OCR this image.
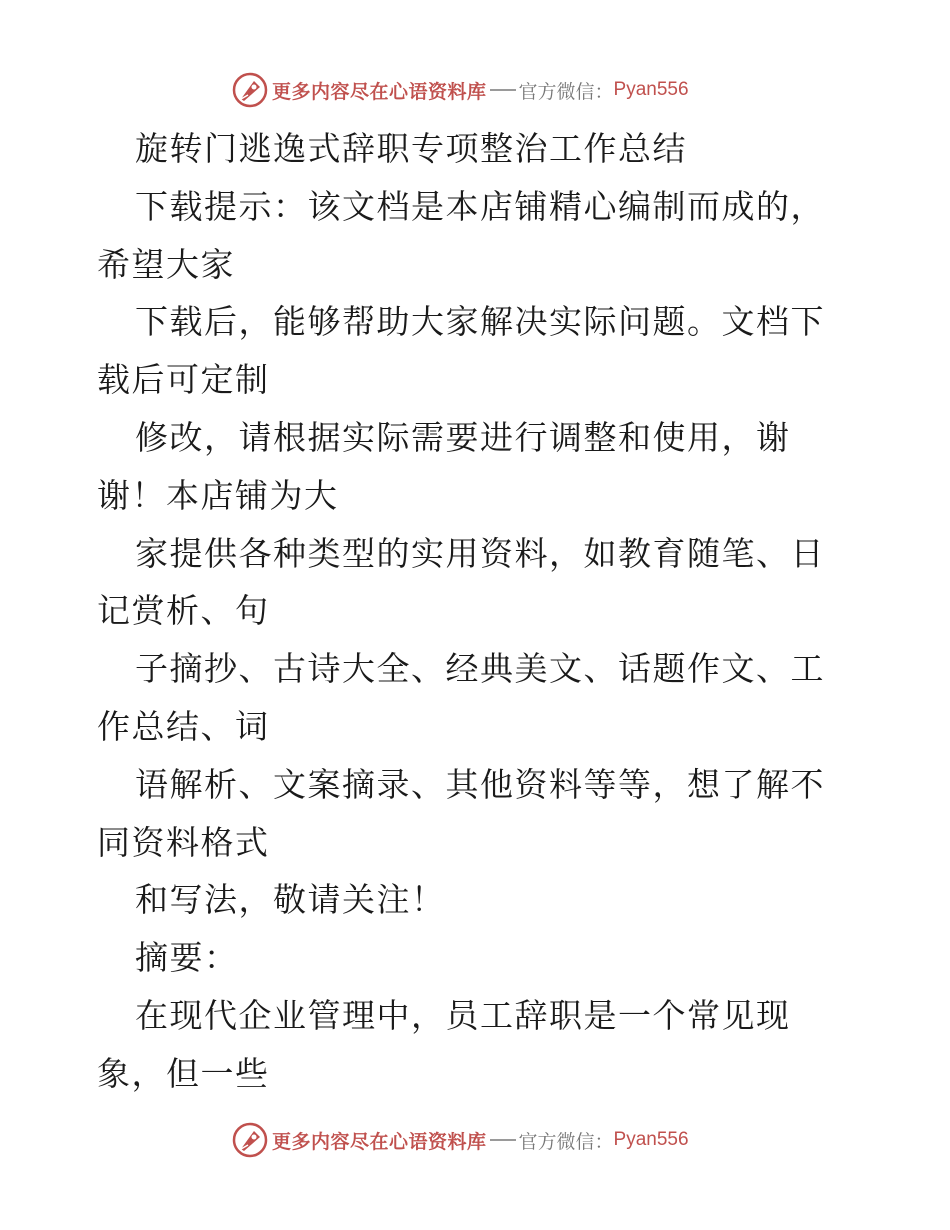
更多内容尽在心语资料库 官方微信： Pyan556

旋转门逃逸式辞职专项整治工作总结

下载提示：该文档是本店铺精心编制而成的，希望大家

下载后，能够帮助大家解决实际问题。文档下载后可定制

修改，请根据实际需要进行调整和使用，谢谢！本店铺为大

家提供各种类型的实用资料，如教育随笔、日记赏析、句

子摘抄、古诗大全、经典美文、话题作文、工作总结、词

语解析、文案摘录、其他资料等等，想了解不同资料格式

和写法，敬请关注！

摘要：

在现代企业管理中，员工辞职是一个常见现象，但一些

更多内容尽在心语资料库 官方微信： Pyan556
